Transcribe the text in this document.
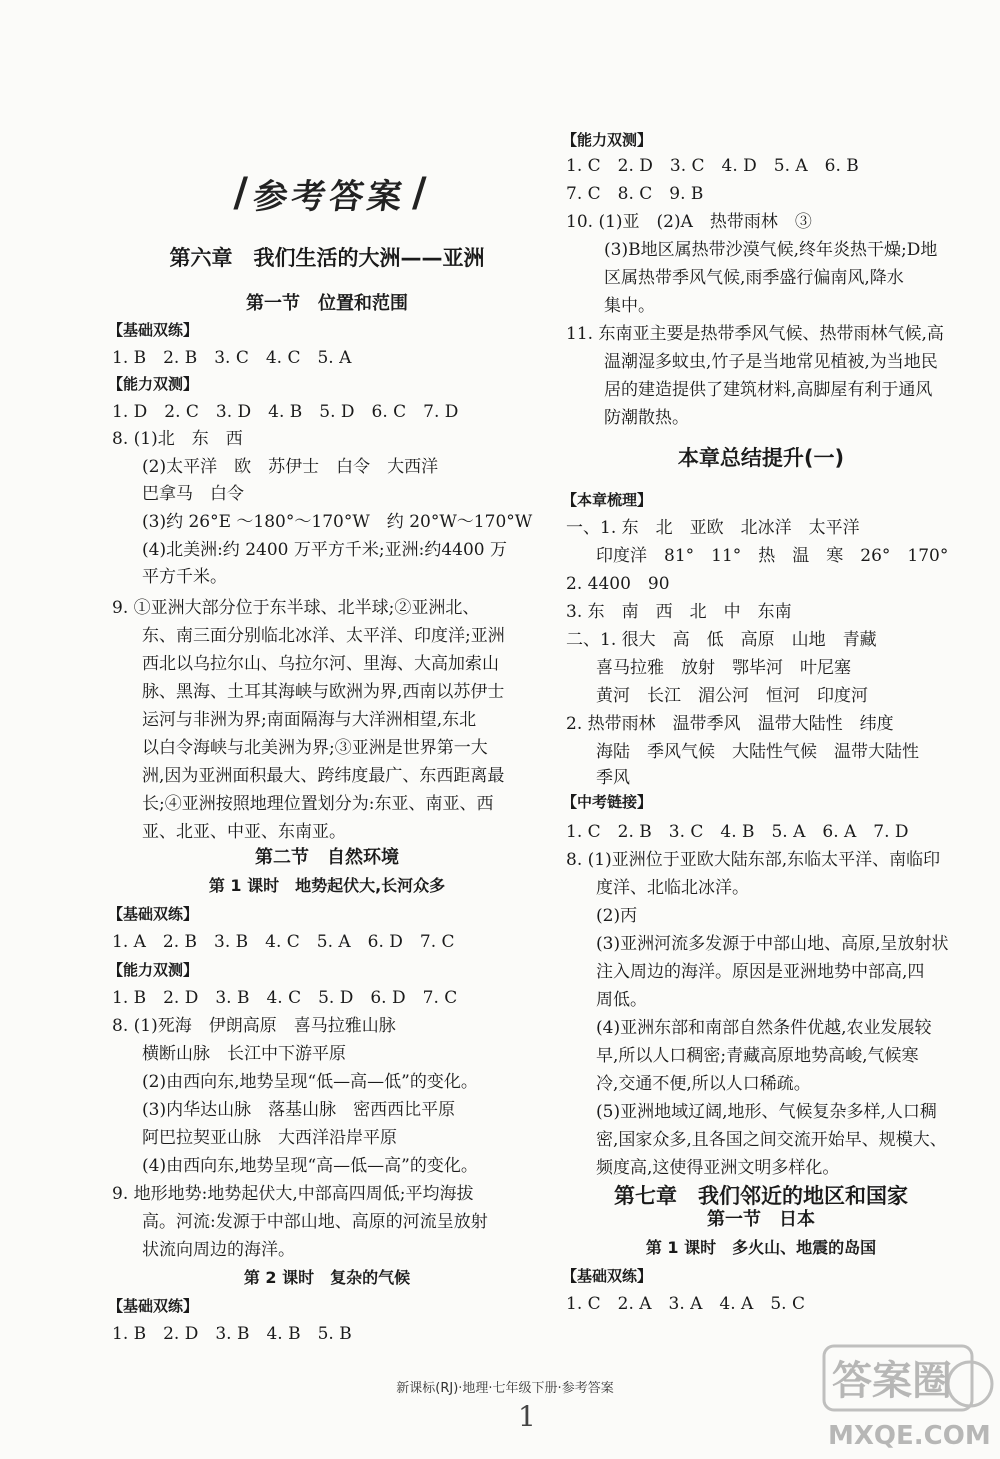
/ 参考答案 /
第六章　我们生活的大洲——亚洲
第一节　位置和范围
【基础双练】
1. B　2. B　3. C　4. C　5. A
【能力双测】
1. D　2. C　3. D　4. B　5. D　6. C　7. D
8. (1)北　东　西
(2)太平洋　欧　苏伊士　白令　大西洋
巴拿马　白令
(3)约 26°E ～180°～170°W　约 20°W～170°W
(4)北美洲:约 2400 万平方千米;亚洲:约4400 万
平方千米。
9. ①亚洲大部分位于东半球、北半球;②亚洲北、
东、南三面分别临北冰洋、太平洋、印度洋;亚洲
西北以乌拉尔山、乌拉尔河、里海、大高加索山
脉、黑海、土耳其海峡与欧洲为界,西南以苏伊士
运河与非洲为界;南面隔海与大洋洲相望,东北
以白令海峡与北美洲为界;③亚洲是世界第一大
洲,因为亚洲面积最大、跨纬度最广、东西距离最
长;④亚洲按照地理位置划分为:东亚、南亚、西
亚、北亚、中亚、东南亚。
第二节　自然环境
第 1 课时　地势起伏大,长河众多
【基础双练】
1. A　2. B　3. B　4. C　5. A　6. D　7. C
【能力双测】
1. B　2. D　3. B　4. C　5. D　6. D　7. C
8. (1)死海　伊朗高原　喜马拉雅山脉
横断山脉　长江中下游平原
(2)由西向东,地势呈现“低—高—低”的变化。
(3)内华达山脉　落基山脉　密西西比平原
阿巴拉契亚山脉　大西洋沿岸平原
(4)由西向东,地势呈现“高—低—高”的变化。
9. 地形地势:地势起伏大,中部高四周低;平均海拔
高。河流:发源于中部山地、高原的河流呈放射
状流向周边的海洋。
第 2 课时　复杂的气候
【基础双练】
1. B　2. D　3. B　4. B　5. B
【能力双测】
1. C　2. D　3. C　4. D　5. A　6. B
7. C　8. C　9. B
10. (1)亚　(2)A　热带雨林　③
(3)B地区属热带沙漠气候,终年炎热干燥;D地
区属热带季风气候,雨季盛行偏南风,降水
集中。
11. 东南亚主要是热带季风气候、热带雨林气候,高
温潮湿多蚊虫,竹子是当地常见植被,为当地民
居的建造提供了建筑材料,高脚屋有利于通风
防潮散热。
本章总结提升(一)
【本章梳理】
一、1. 东　北　亚欧　北冰洋　太平洋
印度洋　81°　11°　热　温　寒　26°　170°
2. 4400　90
3. 东　南　西　北　中　东南
二、1. 很大　高　低　高原　山地　青藏
喜马拉雅　放射　鄂毕河　叶尼塞
黄河　长江　湄公河　恒河　印度河
2. 热带雨林　温带季风　温带大陆性　纬度
海陆　季风气候　大陆性气候　温带大陆性
季风
【中考链接】
1. C　2. B　3. C　4. B　5. A　6. A　7. D
8. (1)亚洲位于亚欧大陆东部,东临太平洋、南临印
度洋、北临北冰洋。
(2)丙
(3)亚洲河流多发源于中部山地、高原,呈放射状
注入周边的海洋。原因是亚洲地势中部高,四
周低。
(4)亚洲东部和南部自然条件优越,农业发展较
早,所以人口稠密;青藏高原地势高峻,气候寒
冷,交通不便,所以人口稀疏。
(5)亚洲地域辽阔,地形、气候复杂多样,人口稠
密,国家众多,且各国之间交流开始早、规模大、
频度高,这使得亚洲文明多样化。
第七章　我们邻近的地区和国家
第一节　日本
第 1 课时　多火山、地震的岛国
【基础双练】
1. C　2. A　3. A　4. A　5. C
新课标(RJ)·地理·七年级下册·参考答案
1
答案圈
MXQE.COM
